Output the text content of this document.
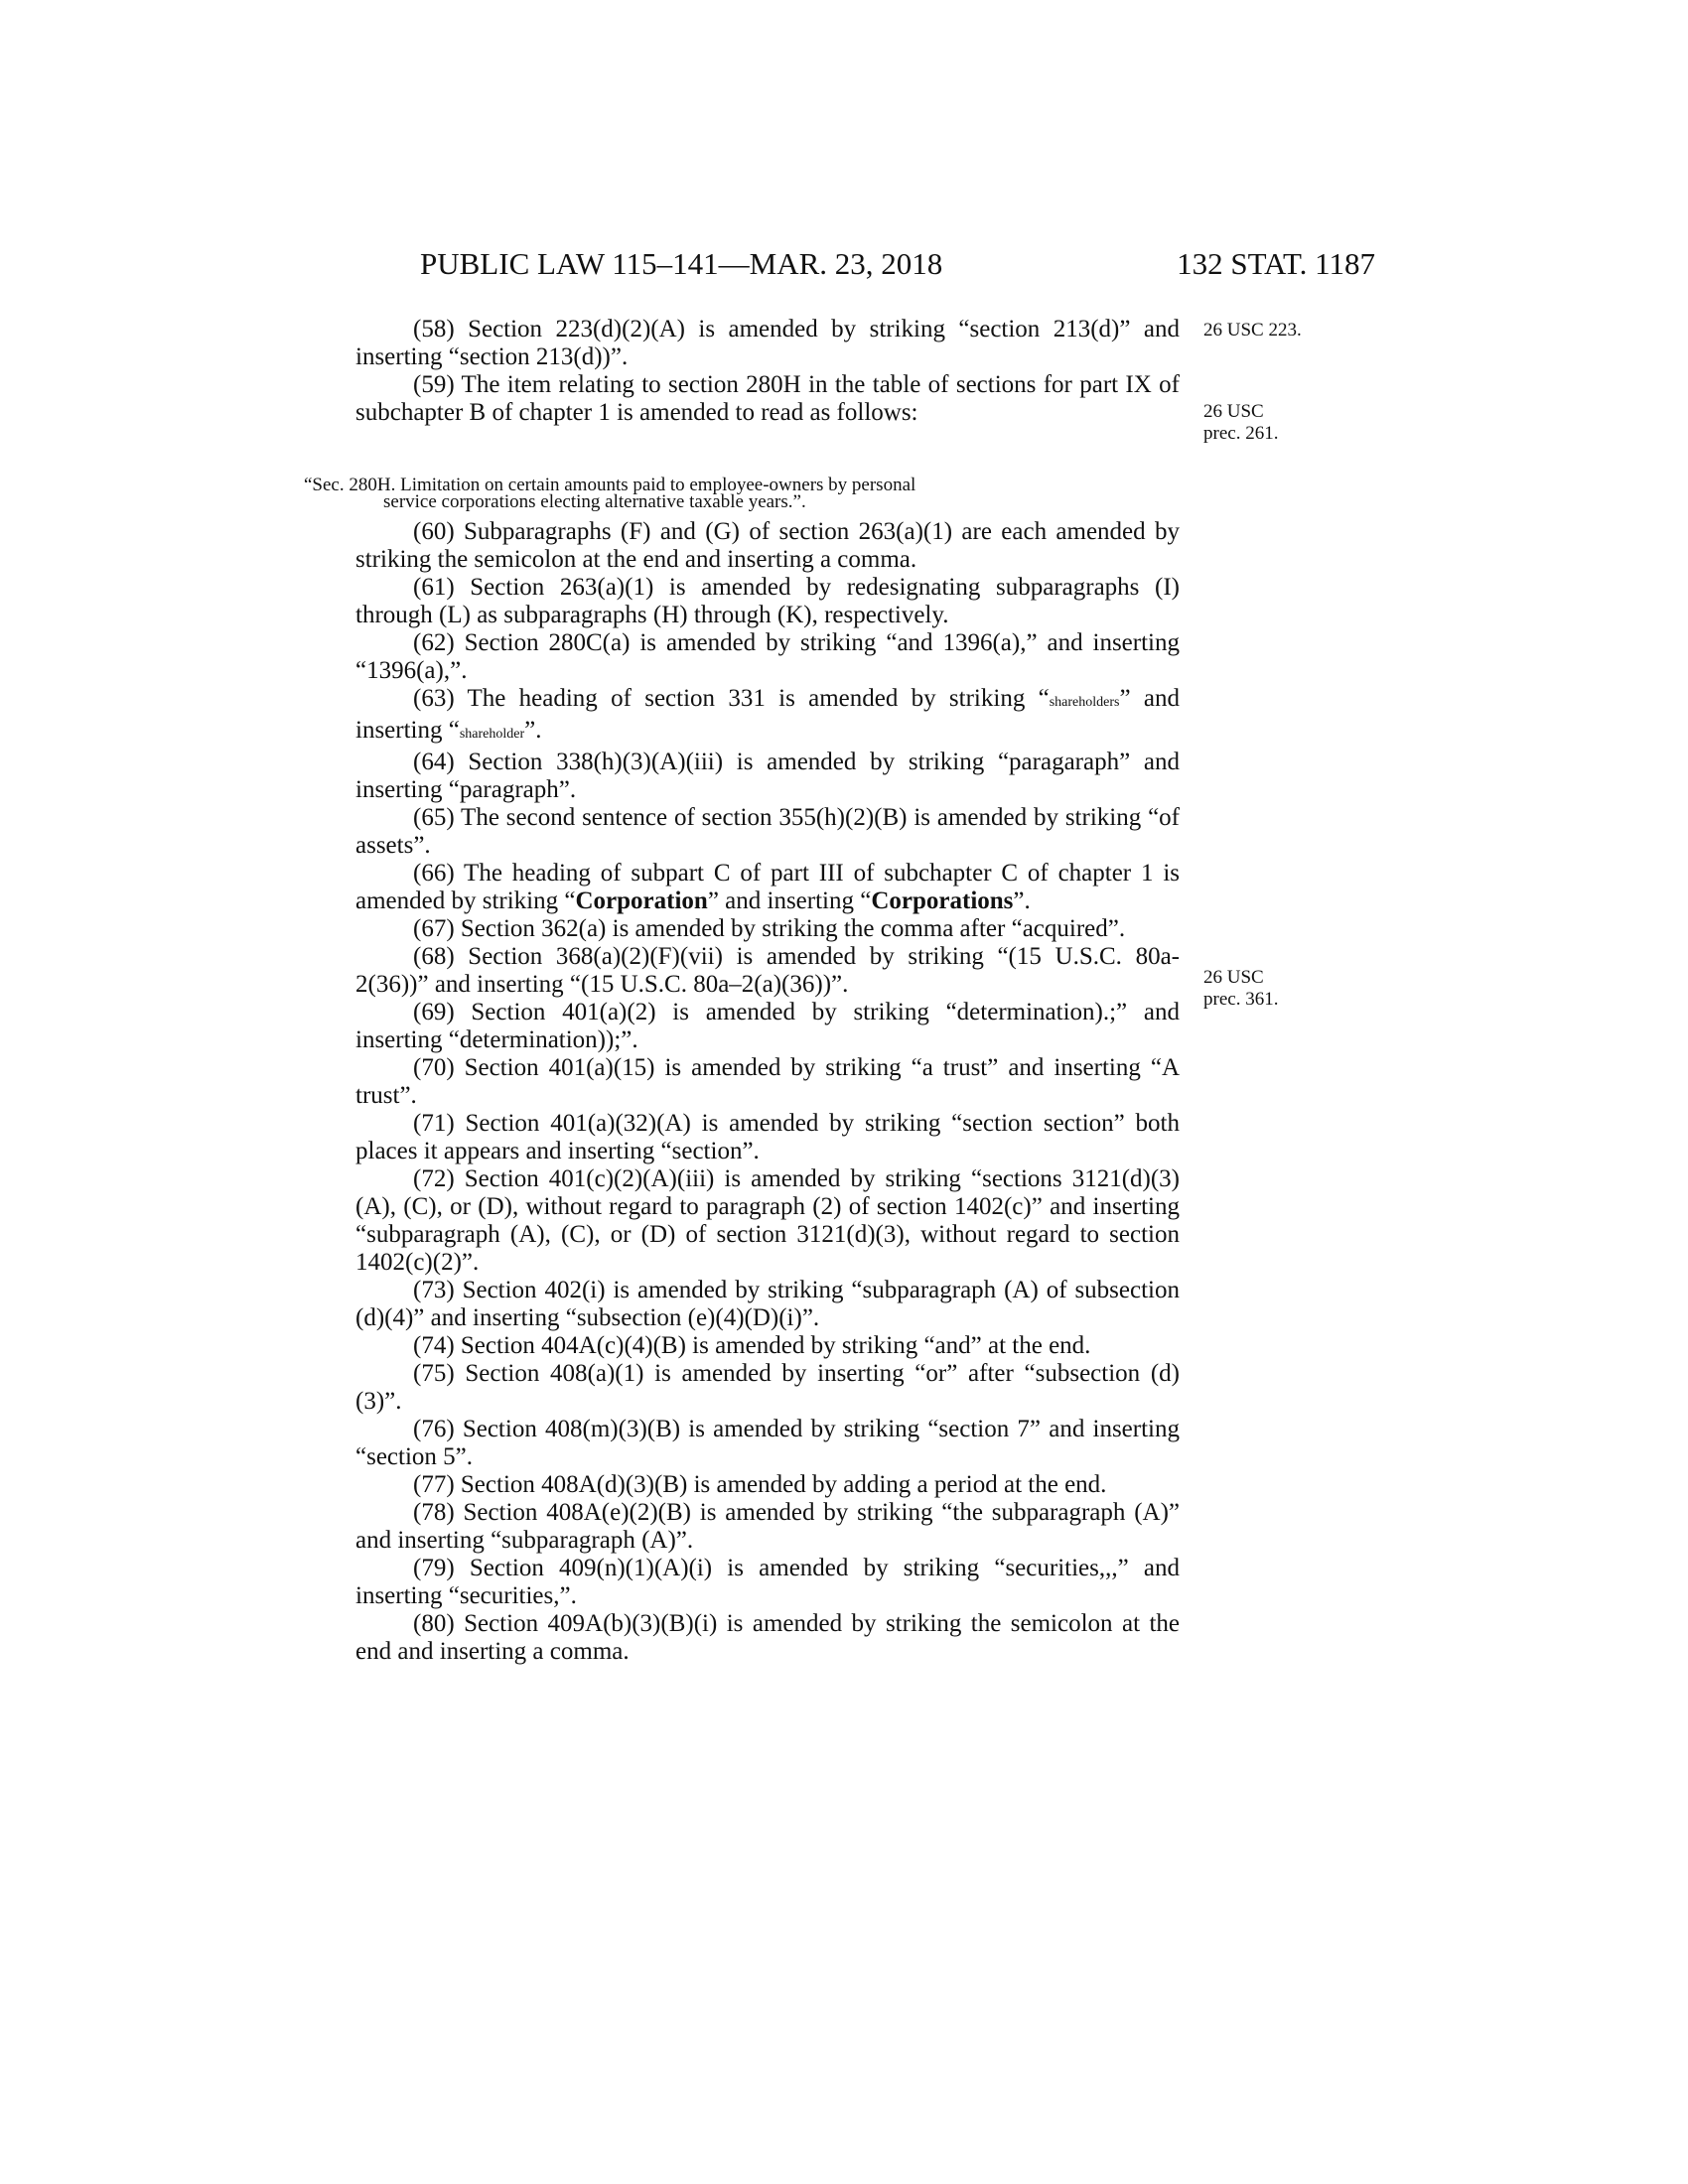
PUBLIC LAW 115–141—MAR. 23, 2018	132 STAT. 1187
26 USC 223.
26 USC prec. 261.
26 USC prec. 361.

(58) Section 223(d)(2)(A) is amended by striking “section 213(d)” and inserting “section 213(d))”.

(59) The item relating to section 280H in the table of sections for part IX of subchapter B of chapter 1 is amended to read as follows:

“Sec. 280H. Limitation on certain amounts paid to employee-owners by personal
service corporations electing alternative taxable years.”.

(60) Subparagraphs (F) and (G) of section 263(a)(1) are each amended by striking the semicolon at the end and inserting a comma.

(61) Section 263(a)(1) is amended by redesignating subparagraphs (I) through (L) as subparagraphs (H) through (K), respectively.

(62) Section 280C(a) is amended by striking “and 1396(a),” and inserting “1396(a),”.

(63) The heading of section 331 is amended by striking “shareholders” and inserting “shareholder”.

(64) Section 338(h)(3)(A)(iii) is amended by striking “paragaraph” and inserting “paragraph”.

(65) The second sentence of section 355(h)(2)(B) is amended by striking “of assets”.

(66) The heading of subpart C of part III of subchapter C of chapter 1 is amended by striking “Corporation” and inserting “Corporations”.

(67) Section 362(a) is amended by striking the comma after “acquired”.

(68) Section 368(a)(2)(F)(vii) is amended by striking “(15 U.S.C. 80a-2(36))” and inserting “(15 U.S.C. 80a–2(a)(36))”.

(69) Section 401(a)(2) is amended by striking “determination).;” and inserting “determination));”.

(70) Section 401(a)(15) is amended by striking “a trust” and inserting “A trust”.

(71) Section 401(a)(32)(A) is amended by striking “section section” both places it appears and inserting “section”.

(72) Section 401(c)(2)(A)(iii) is amended by striking “sections 3121(d)(3)(A), (C), or (D), without regard to paragraph (2) of section 1402(c)” and inserting “subparagraph (A), (C), or (D) of section 3121(d)(3), without regard to section 1402(c)(2)”.

(73) Section 402(i) is amended by striking “subparagraph (A) of subsection (d)(4)” and inserting “subsection (e)(4)(D)(i)”.

(74) Section 404A(c)(4)(B) is amended by striking “and” at the end.

(75) Section 408(a)(1) is amended by inserting “or” after “subsection (d)(3)”.

(76) Section 408(m)(3)(B) is amended by striking “section 7” and inserting “section 5”.

(77) Section 408A(d)(3)(B) is amended by adding a period at the end.

(78) Section 408A(e)(2)(B) is amended by striking “the subparagraph (A)” and inserting “subparagraph (A)”.

(79) Section 409(n)(1)(A)(i) is amended by striking “securities,,,” and inserting “securities,”.

(80) Section 409A(b)(3)(B)(i) is amended by striking the semicolon at the end and inserting a comma.
